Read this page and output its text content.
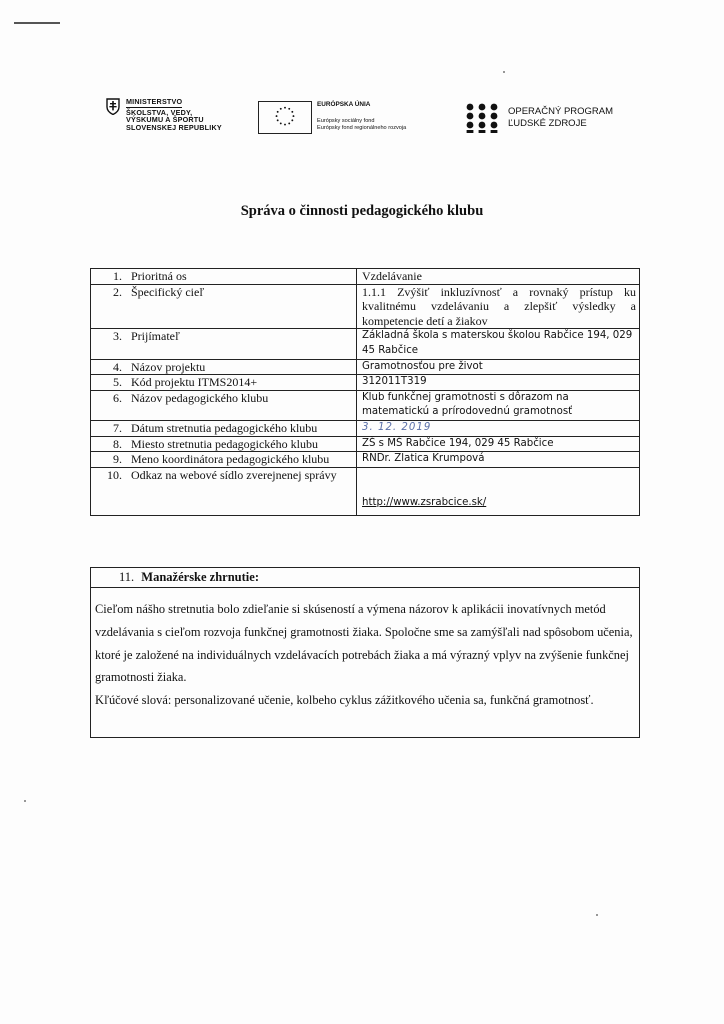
MINISTERSTVO
ŠKOLSTVA, VEDY,
VÝSKUMU A ŠPORTU
SLOVENSKEJ REPUBLIKY
EURÓPSKA ÚNIA
Európsky sociálny fond
Európsky fond regionálneho rozvoja
OPERAČNÝ PROGRAM
ĽUDSKÉ ZDROJE
Správa o činnosti pedagogického klubu
1.	Prioritná os	Vzdelávanie
2.	Špecifický cieľ	1.1.1 Zvýšiť inkluzívnosť a rovnaký prístup ku kvalitnému vzdelávaniu a zlepšiť výsledky a kompetencie detí a žiakov
3.	Prijímateľ	Základná škola s materskou školou Rabčice 194, 029 45 Rabčice
4.	Názov projektu	Gramotnosťou pre život
5.	Kód projektu ITMS2014+	312011T319
6.	Názov pedagogického klubu	Klub funkčnej gramotnosti s dôrazom na matematickú a prírodovednú gramotnosť
7.	Dátum stretnutia pedagogického klubu	3. 12. 2019
8.	Miesto stretnutia pedagogického klubu	ZŠ s MŠ Rabčice 194, 029 45 Rabčice
9.	Meno koordinátora pedagogického klubu	RNDr. Zlatica Krumpová
10.	Odkaz na webové sídlo zverejnenej správy	http://www.zsrabcice.sk/
11. Manažérske zhrnutie:
Cieľom nášho stretnutia bolo zdieľanie si skúseností a výmena názorov k aplikácii inovatívnych metód vzdelávania s cieľom rozvoja funkčnej gramotnosti žiaka. Spoločne sme sa zamýšľali nad spôsobom učenia, ktoré je založené na individuálnych vzdelávacích potrebách žiaka a má výrazný vplyv na zvýšenie funkčnej gramotnosti žiaka.
Kľúčové slová: personalizované učenie, kolbeho cyklus zážitkového učenia sa, funkčná gramotnosť.
